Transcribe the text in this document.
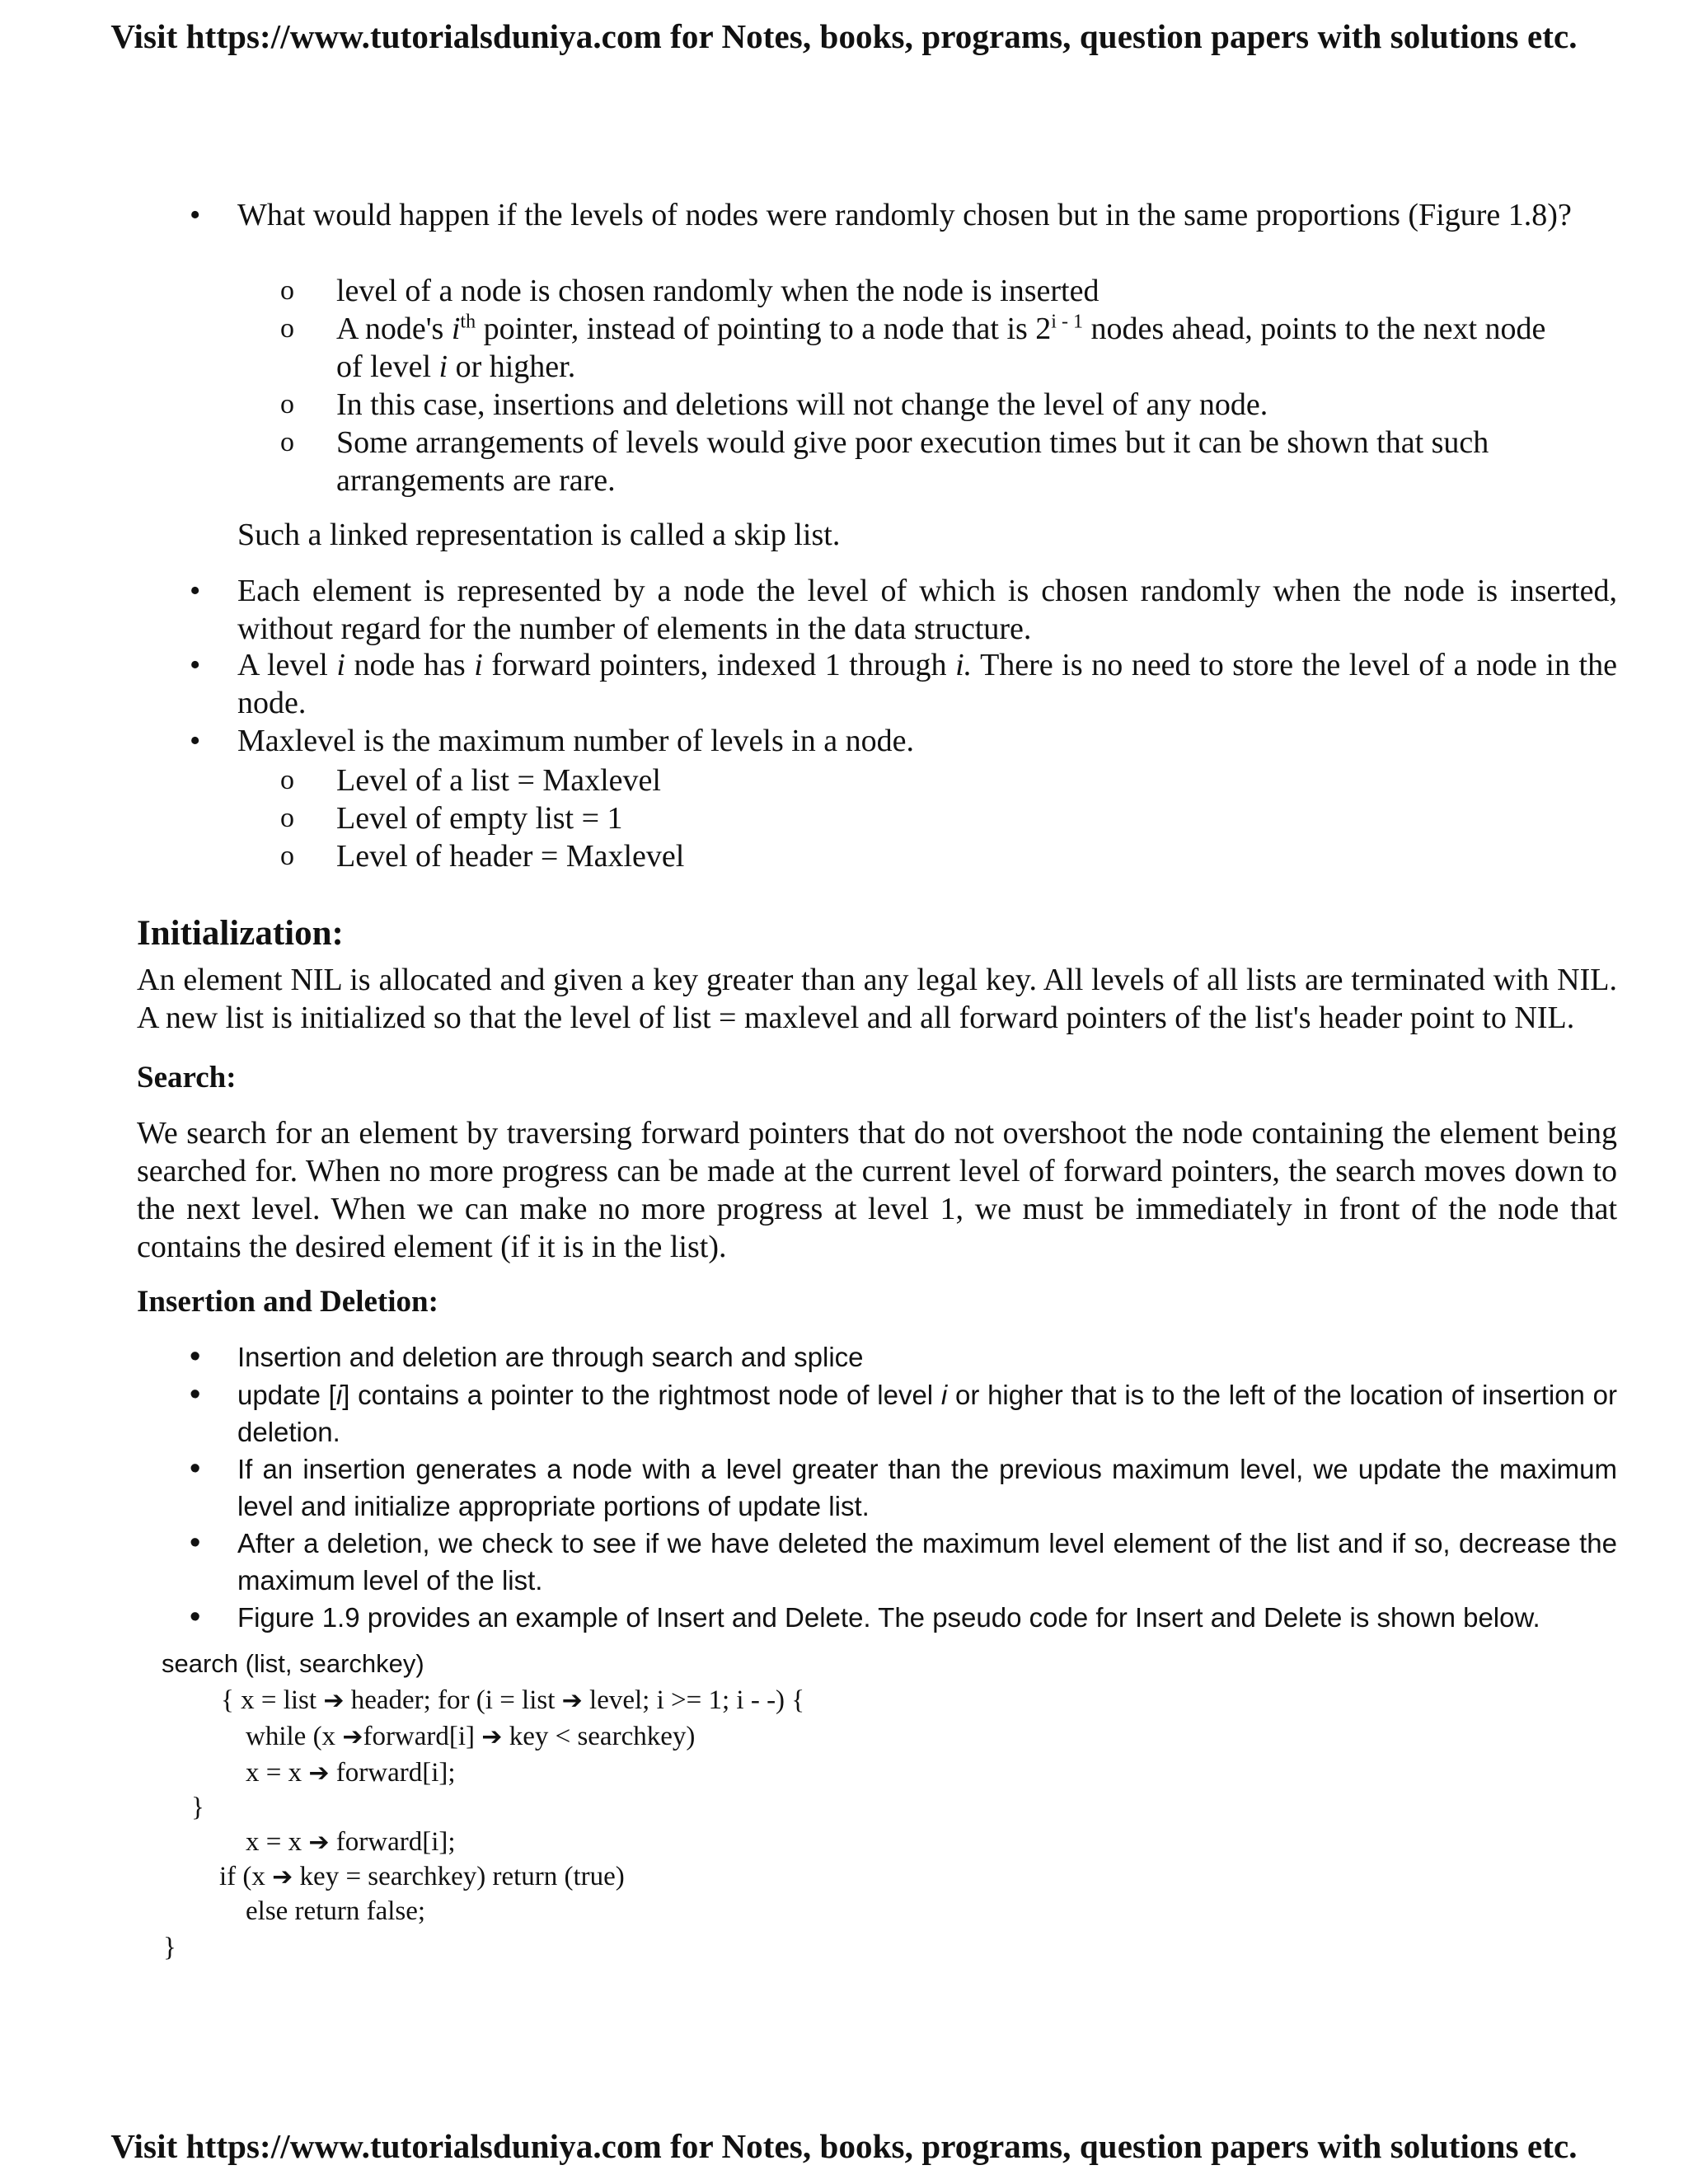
Visit https://www.tutorialsduniya.com for Notes, books, programs, question papers with solutions etc.
• What would happen if the levels of nodes were randomly chosen but in the same proportions (Figure 1.8)?
o level of a node is chosen randomly when the node is inserted
o A node's $i^{th}$ pointer, instead of pointing to a node that is 2$^{i - 1}$ nodes ahead, points to the next node of level i or higher.
o In this case, insertions and deletions will not change the level of any node.
o Some arrangements of levels would give poor execution times but it can be shown that such arrangements are rare.
Such a linked representation is called a skip list.
• Each element is represented by a node the level of which is chosen randomly when the node is inserted, without regard for the number of elements in the data structure.
• A level i node has i forward pointers, indexed 1 through i. There is no need to store the level of a node in the node.
• Maxlevel is the maximum number of levels in a node.
o Level of a list = Maxlevel
o Level of empty list = 1
o Level of header = Maxlevel
Initialization:
An element NIL is allocated and given a key greater than any legal key. All levels of all lists are terminated with NIL. A new list is initialized so that the level of list = maxlevel and all forward pointers of the list's header point to NIL.
Search:
We search for an element by traversing forward pointers that do not overshoot the node containing the element being searched for. When no more progress can be made at the current level of forward pointers, the search moves down to the next level. When we can make no more progress at level 1, we must be immediately in front of the node that contains the desired element (if it is in the list).
Insertion and Deletion:
• Insertion and deletion are through search and splice
• update [i] contains a pointer to the rightmost node of level i or higher that is to the left of the location of insertion or deletion.
• If an insertion generates a node with a level greater than the previous maximum level, we update the maximum level and initialize appropriate portions of update list.
• After a deletion, we check to see if we have deleted the maximum level element of the list and if so, decrease the maximum level of the list.
• Figure 1.9 provides an example of Insert and Delete. The pseudo code for Insert and Delete is shown below.
search (list, searchkey)
{ x = list ➔ header; for (i = list ➔ level; i >= 1; i - -) {
while (x ➔forward[i] ➔ key < searchkey)
x = x ➔ forward[i];
}
x = x ➔ forward[i];
if (x ➔ key = searchkey) return (true)
else return false;
}
Visit https://www.tutorialsduniya.com for Notes, books, programs, question papers with solutions etc.
